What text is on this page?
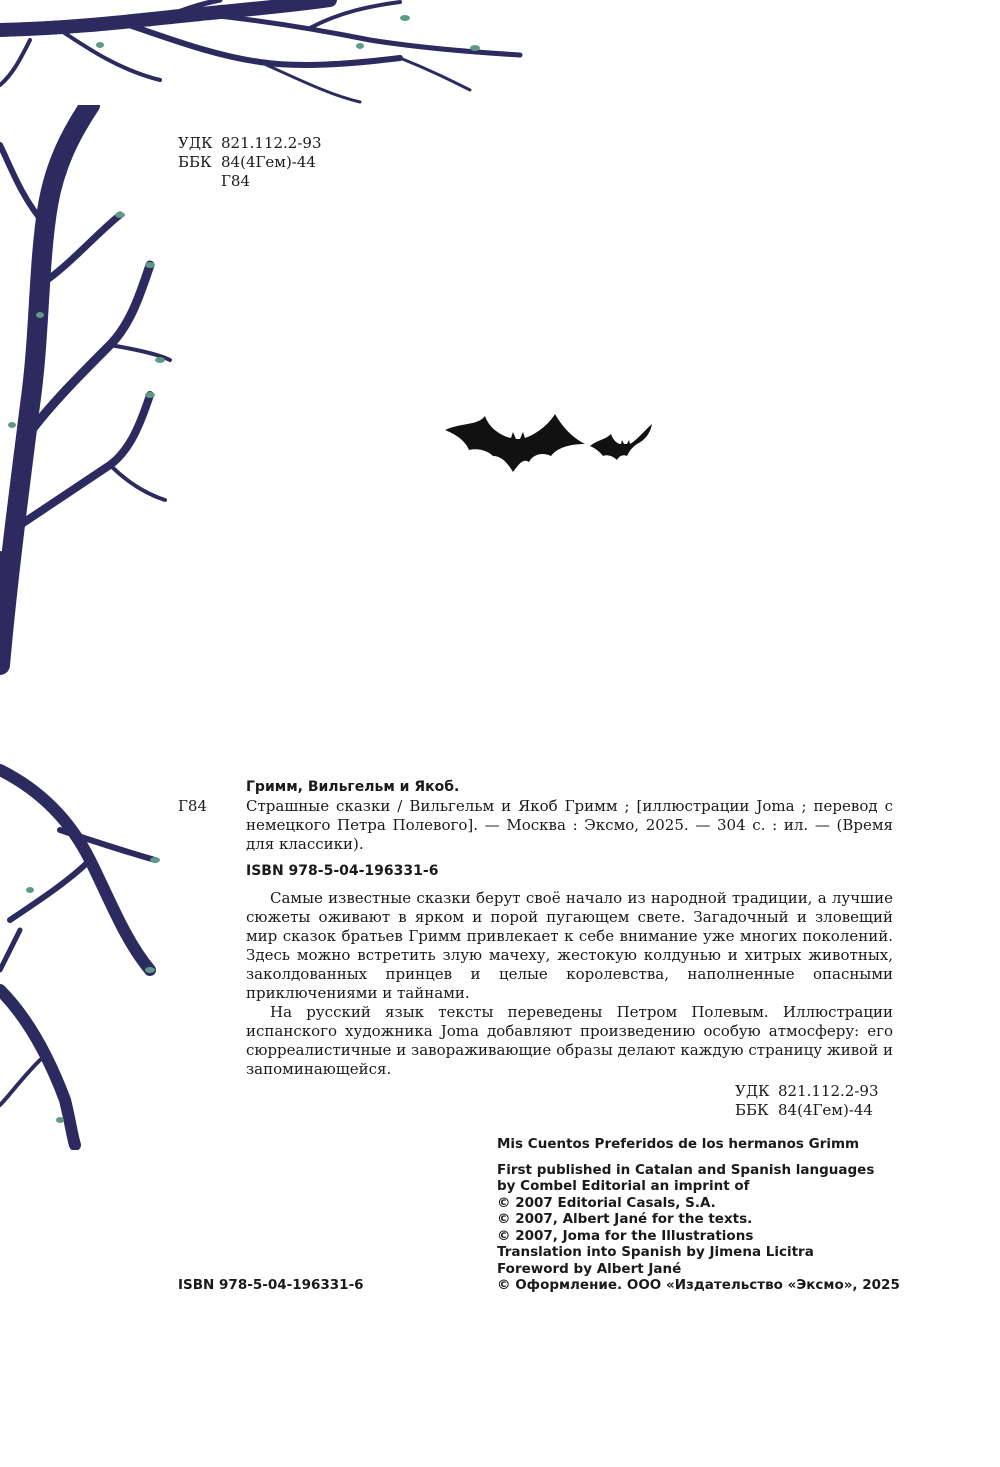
УДК 821.112.2-93
ББК 84(4Гем)-44
Г84
Гримм, Вильгельм и Якоб.
Г84	Страшные сказки / Вильгельм и Якоб Гримм ; [иллюстрации Joma ; перевод с немецкого Петра Полевого]. — Москва : Эксмо, 2025. — 304 с. : ил. — (Время для классики).
ISBN 978-5-04-196331-6

Самые известные сказки берут своё начало из народной традиции, а лучшие сюжеты оживают в ярком и порой пугающем свете. Загадочный и зловещий мир сказок братьев Гримм привлекает к себе внимание уже многих поколений. Здесь можно встретить злую мачеху, жестокую колдунью и хитрых животных, заколдованных принцев и целые королевства, наполненные опасными приключениями и тайнами.

На русский язык тексты переведены Петром Полевым. Иллюстрации испанского художника Joma добавляют произведению особую атмосферу: его сюрреалистичные и завораживающие образы делают каждую страницу живой и запоминающейся.

УДК 821.112.2-93
ББК 84(4Гем)-44
Mis Cuentos Preferidos de los hermanos Grimm
First published in Catalan and Spanish languages
by Combel Editorial an imprint of
© 2007 Editorial Casals, S.A.
© 2007, Albert Jané for the texts.
© 2007, Joma for the Illustrations
Translation into Spanish by Jimena Licitra
Foreword by Albert Jané
© Оформление. ООО «Издательство «Эксмо», 2025
ISBN 978-5-04-196331-6
